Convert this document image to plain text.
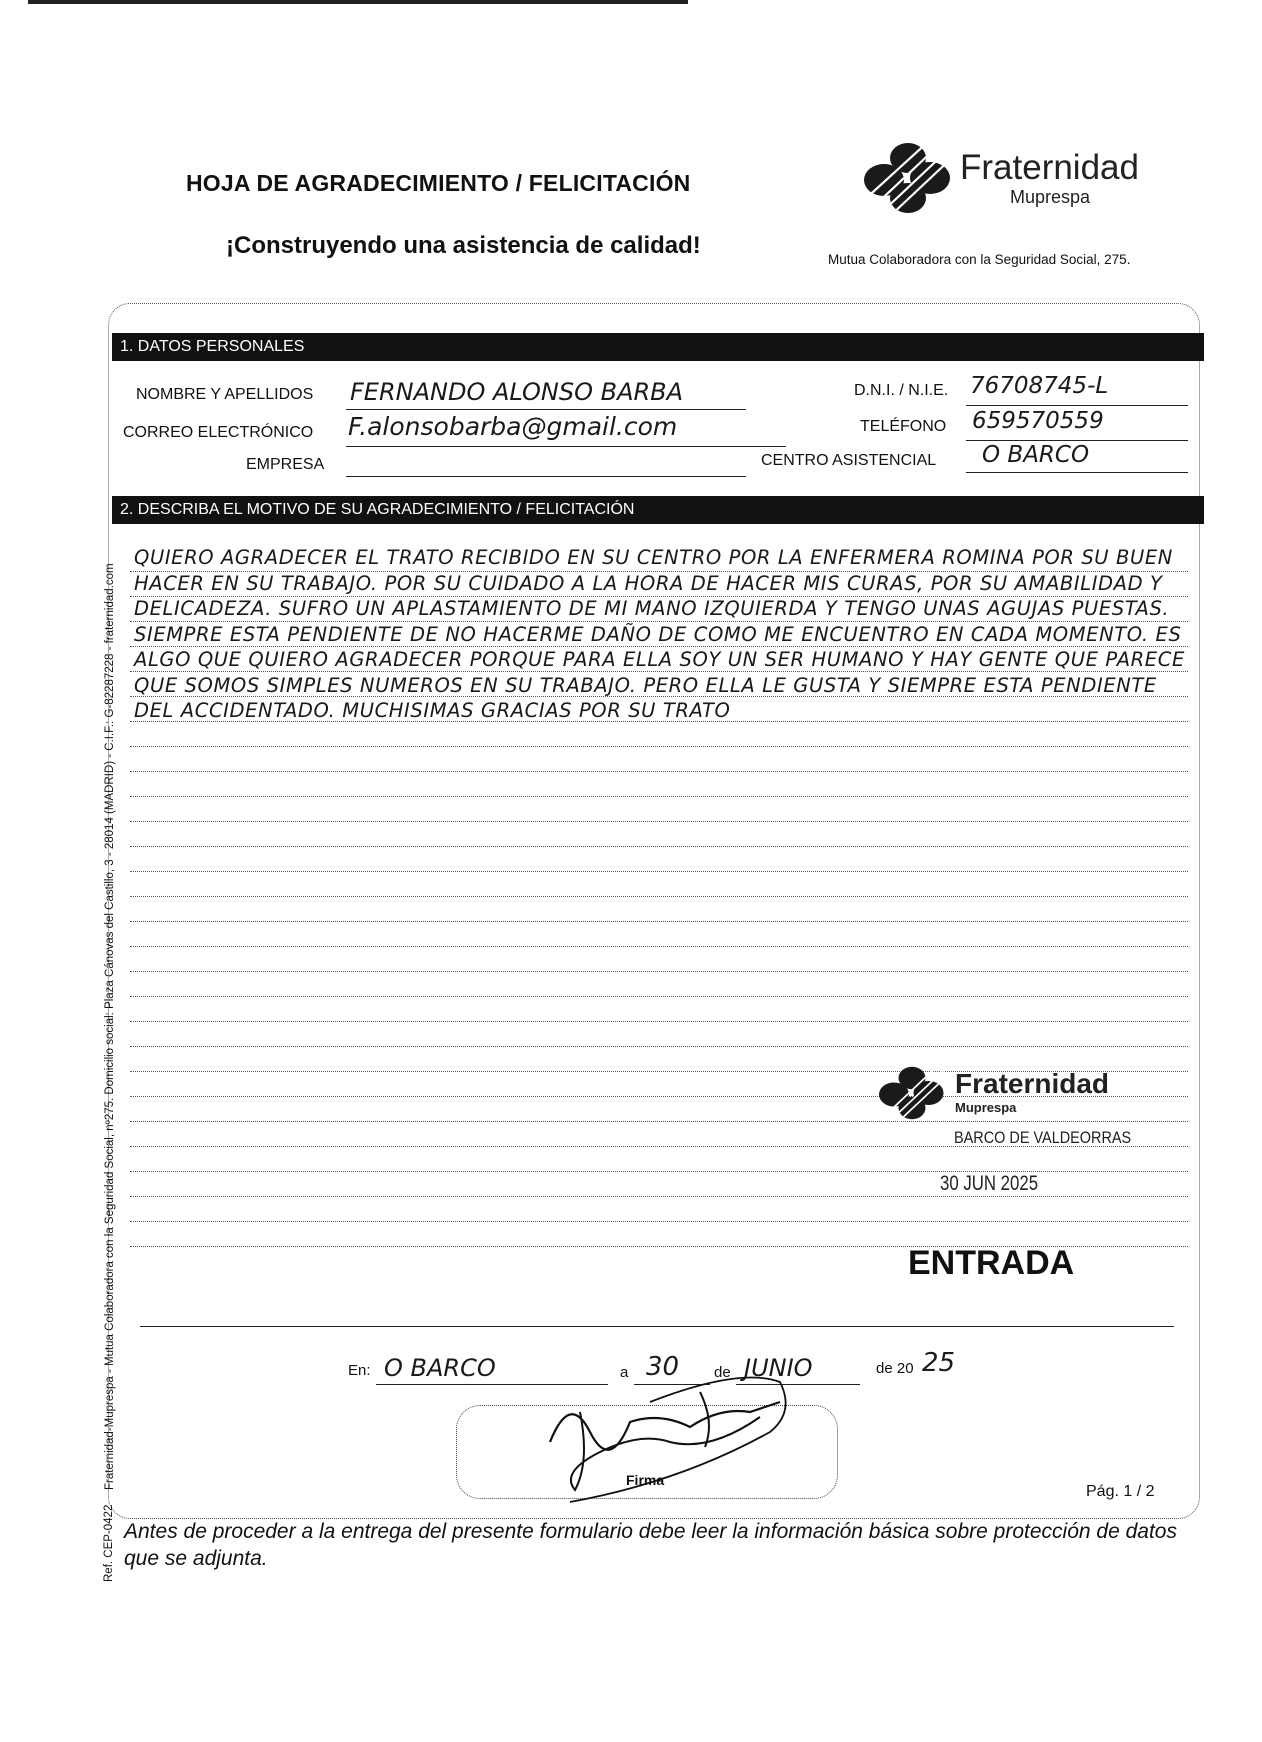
HOJA DE AGRADECIMIENTO / FELICITACIÓN
¡Construyendo una asistencia de calidad!
Fraternidad
Muprespa
Mutua Colaboradora con la Seguridad Social, 275.
1. DATOS PERSONALES
NOMBRE Y APELLIDOS FERNANDO ALONSO BARBA	D.N.I. / N.I.E. 76708745-L
CORREO ELECTRÓNICO F.alonsobarba@gmail.com	TELÉFONO 659570559
EMPRESA	CENTRO ASISTENCIAL O BARCO
2. DESCRIBA EL MOTIVO DE SU AGRADECIMIENTO / FELICITACIÓN
QUIERO AGRADECER EL TRATO RECIBIDO EN SU CENTRO POR LA ENFERMERA ROMINA POR SU BUEN HACER EN SU TRABAJO. POR SU CUIDADO A LA HORA DE HACER MIS CURAS, POR SU AMABILIDAD Y DELICADEZA. SUFRO UN APLASTAMIENTO DE MI MANO IZQUIERDA Y TENGO UNAS AGUJAS PUESTAS. SIEMPRE ESTA PENDIENTE DE NO HACERME DAÑO DE COMO ME ENCUENTRO EN CADA MOMENTO. ES ALGO QUE QUIERO AGRADECER PORQUE PARA ELLA SOY UN SER HUMANO Y HAY GENTE QUE PARECE QUE SOMOS SIMPLES NUMEROS EN SU TRABAJO. PERO ELLA LE GUSTA Y SIEMPRE ESTA PENDIENTE DEL ACCIDENTADO. MUCHISIMAS GRACIAS POR SU TRATO
Fraternidad
Muprespa
BARCO DE VALDEORRAS
30 JUN 2025
ENTRADA
En: O BARCO	a 30 de JUNIO	de 20 25
Firma
Pág. 1 / 2
Antes de proceder a la entrega del presente formulario debe leer la información básica sobre protección de datos que se adjunta.
Fraternidad-Muprespa - Mutua Colaboradora con la Seguridad Social, nº275. Domicilio social: Plaza Cánovas del Castillo, 3 - 28014 (MADRID) - C.I.F.: G-82287228 - fraternidad.com
Ref. CEP-0422
